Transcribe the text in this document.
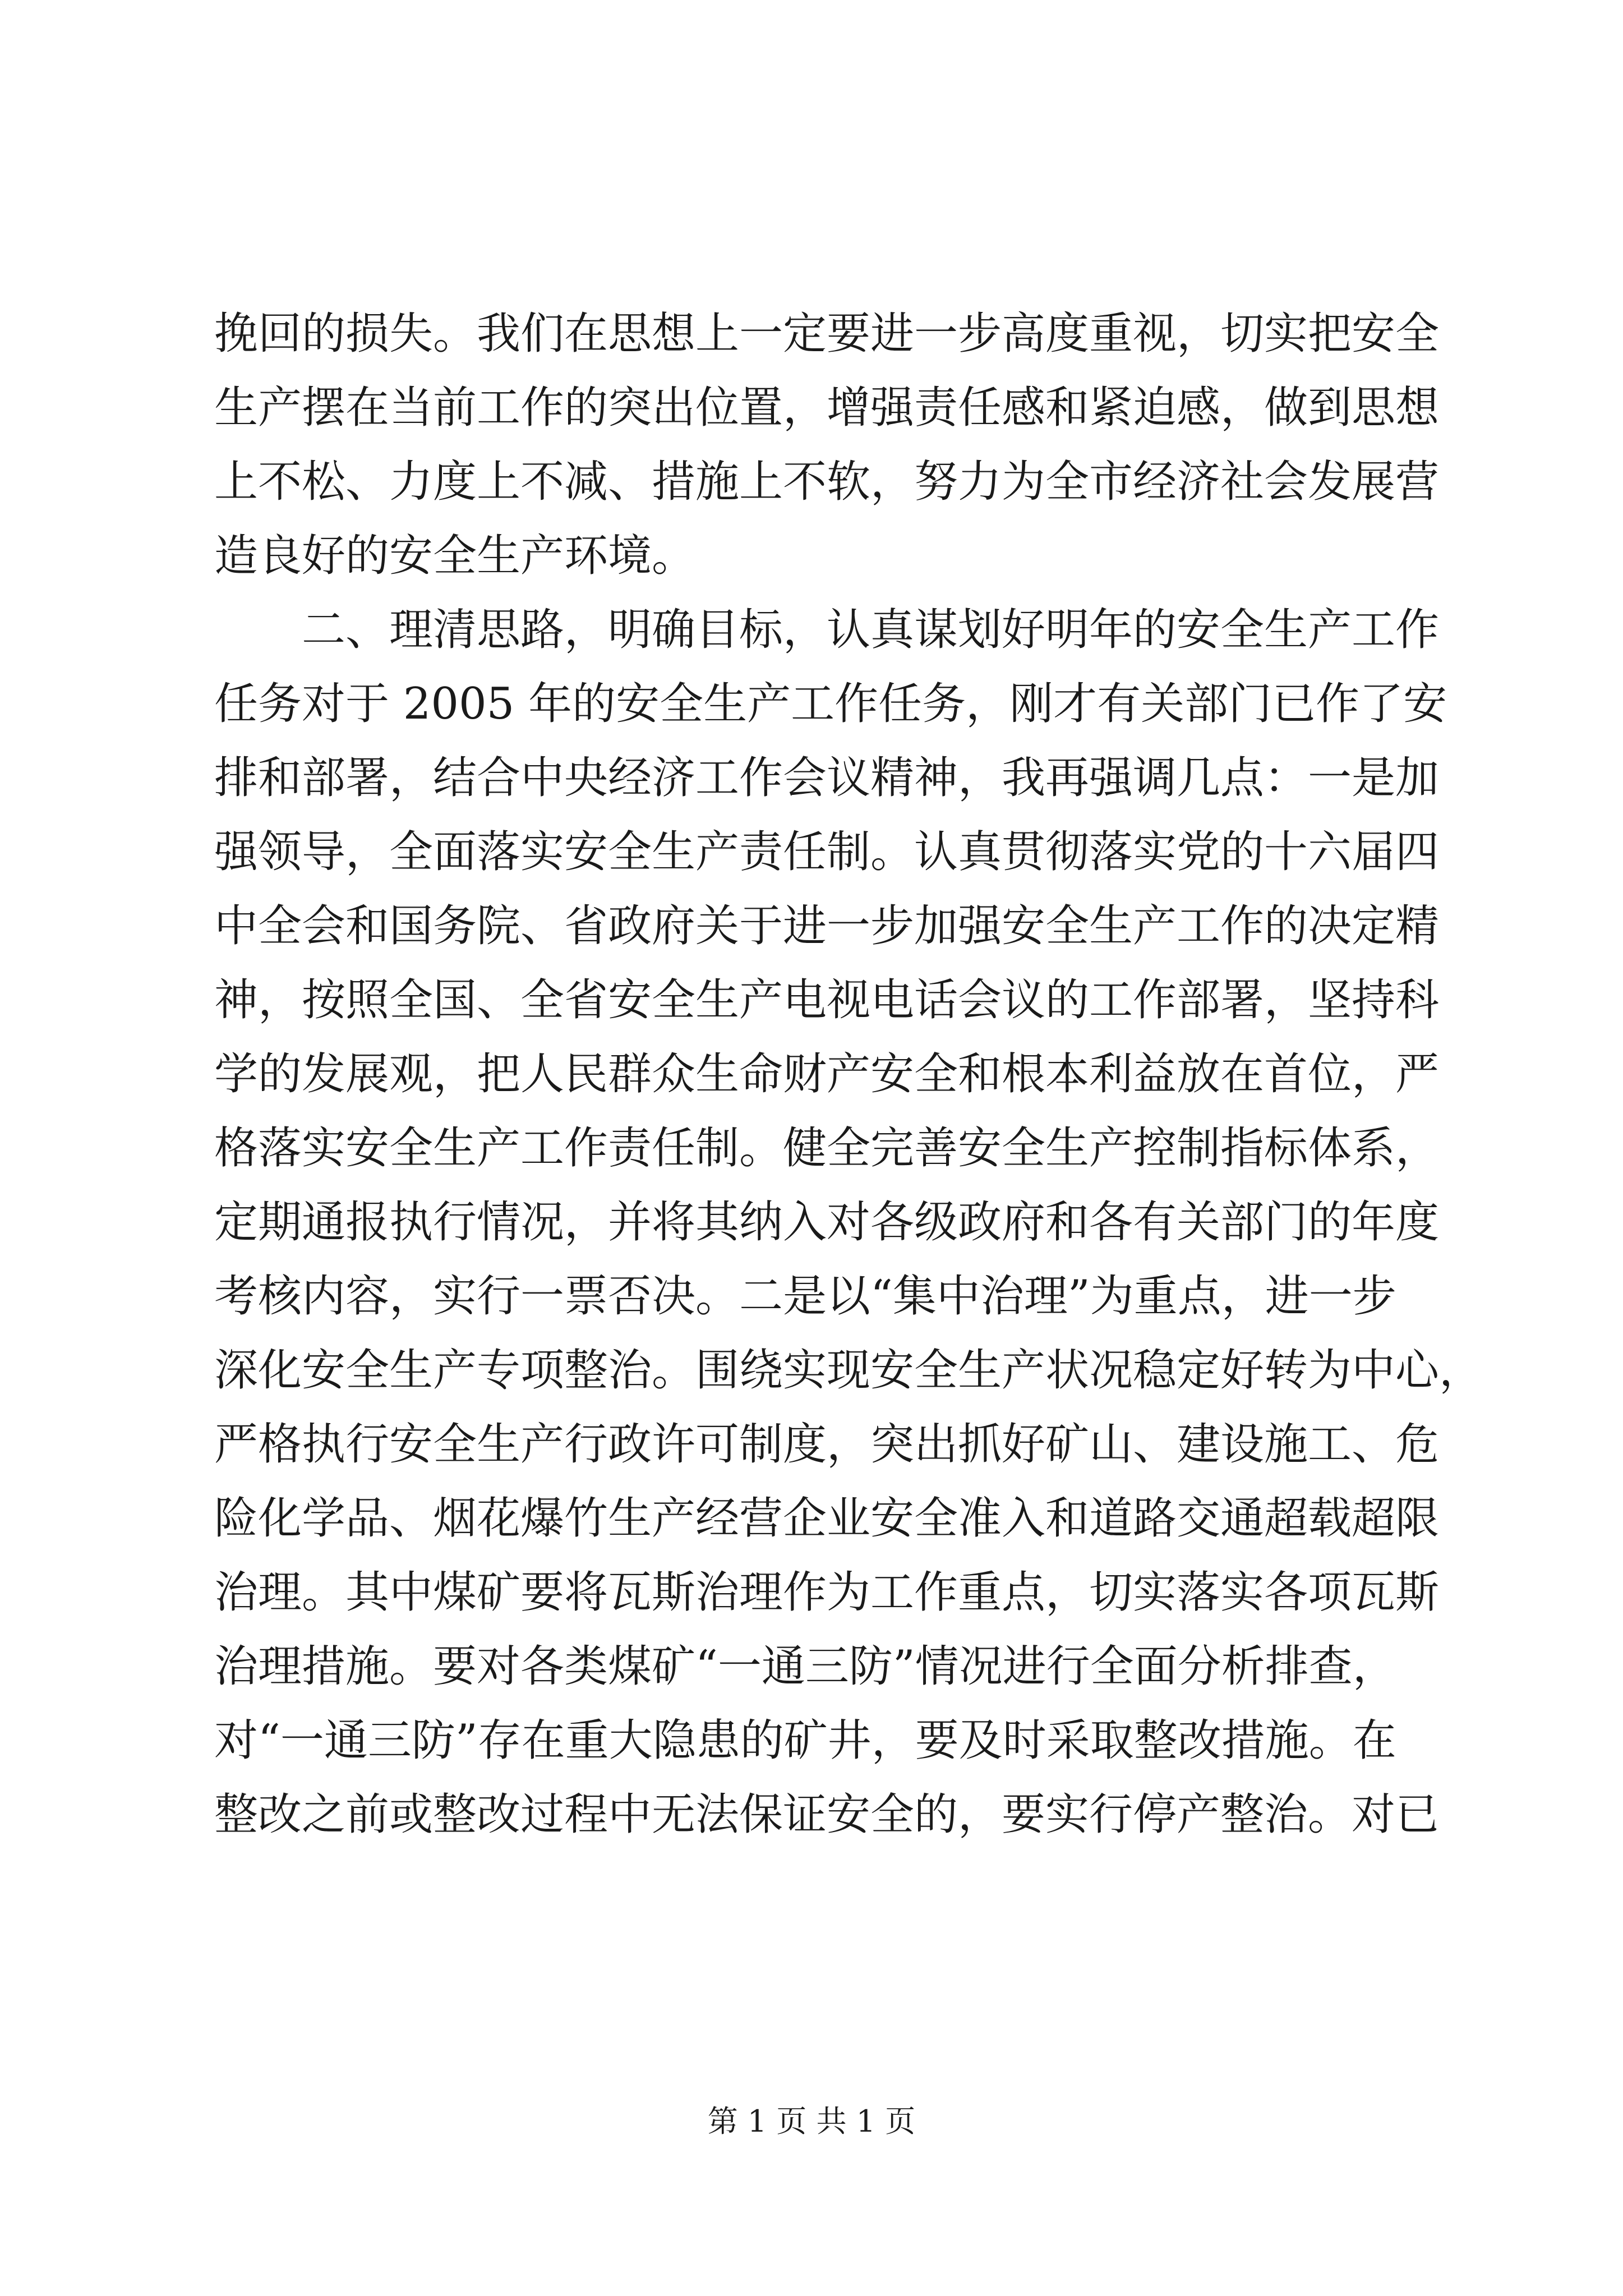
挽回的损失。我们在思想上一定要进一步高度重视，切实把安全
生产摆在当前工作的突出位置，增强责任感和紧迫感，做到思想
上不松、力度上不减、措施上不软，努力为全市经济社会发展营
造良好的安全生产环境。
　　二、理清思路，明确目标，认真谋划好明年的安全生产工作
任务对于 2005 年的安全生产工作任务，刚才有关部门已作了安
排和部署，结合中央经济工作会议精神，我再强调几点：一是加
强领导，全面落实安全生产责任制。认真贯彻落实党的十六届四
中全会和国务院、省政府关于进一步加强安全生产工作的决定精
神，按照全国、全省安全生产电视电话会议的工作部署，坚持科
学的发展观，把人民群众生命财产安全和根本利益放在首位，严
格落实安全生产工作责任制。健全完善安全生产控制指标体系，
定期通报执行情况，并将其纳入对各级政府和各有关部门的年度
考核内容，实行一票否决。二是以“集中治理”为重点，进一步
深化安全生产专项整治。围绕实现安全生产状况稳定好转为中心，
严格执行安全生产行政许可制度，突出抓好矿山、建设施工、危
险化学品、烟花爆竹生产经营企业安全准入和道路交通超载超限
治理。其中煤矿要将瓦斯治理作为工作重点，切实落实各项瓦斯
治理措施。要对各类煤矿“一通三防”情况进行全面分析排查，
对“一通三防”存在重大隐患的矿井，要及时采取整改措施。在
整改之前或整改过程中无法保证安全的，要实行停产整治。对已
第 1 页 共 1 页
